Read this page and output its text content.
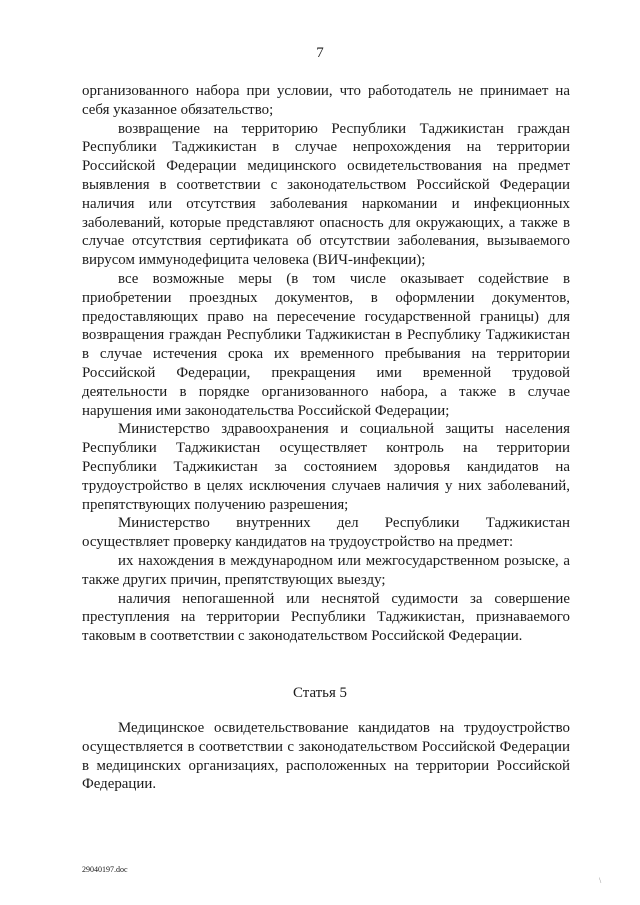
7

организованного набора при условии, что работодатель не принимает на себя указанное обязательство;

возвращение на территорию Республики Таджикистан граждан Республики Таджикистан в случае непрохождения на территории Российской Федерации медицинского освидетельствования на предмет выявления в соответствии с законодательством Российской Федерации наличия или отсутствия заболевания наркомании и инфекционных заболеваний, которые представляют опасность для окружающих, а также в случае отсутствия сертификата об отсутствии заболевания, вызываемого вирусом иммунодефицита человека (ВИЧ-инфекции);

все возможные меры (в том числе оказывает содействие в приобретении проездных документов, в оформлении документов, предоставляющих право на пересечение государственной границы) для возвращения граждан Республики Таджикистан в Республику Таджикистан в случае истечения срока их временного пребывания на территории Российской Федерации, прекращения ими временной трудовой деятельности в порядке организованного набора, а также в случае нарушения ими законодательства Российской Федерации;

Министерство здравоохранения и социальной защиты населения Республики Таджикистан осуществляет контроль на территории Республики Таджикистан за состоянием здоровья кандидатов на трудоустройство в целях исключения случаев наличия у них заболеваний, препятствующих получению разрешения;

Министерство внутренних дел Республики Таджикистан осуществляет проверку кандидатов на трудоустройство на предмет:

их нахождения в международном или межгосударственном розыске, а также других причин, препятствующих выезду;

наличия непогашенной или неснятой судимости за совершение преступления на территории Республики Таджикистан, признаваемого таковым в соответствии с законодательством Российской Федерации.

Статья 5

Медицинское освидетельствование кандидатов на трудоустройство осуществляется в соответствии с законодательством Российской Федерации в медицинских организациях, расположенных на территории Российской Федерации.

29040197.doc
\
